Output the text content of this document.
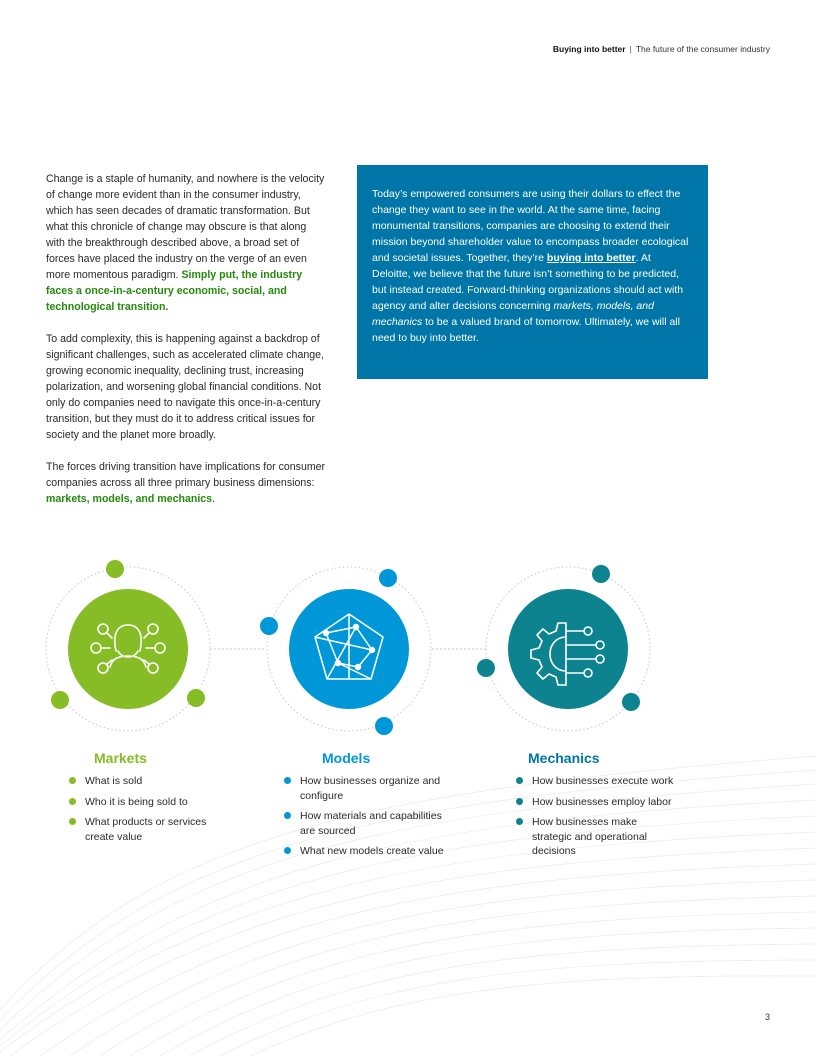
Buying into better | The future of the consumer industry

Change is a staple of humanity, and nowhere is the velocity of change more evident than in the consumer industry, which has seen decades of dramatic transformation. But what this chronicle of change may obscure is that along with the breakthrough described above, a broad set of forces have placed the industry on the verge of an even more momentous paradigm. Simply put, the industry faces a once-in-a-century economic, social, and technological transition.

To add complexity, this is happening against a backdrop of significant challenges, such as accelerated climate change, growing economic inequality, declining trust, increasing polarization, and worsening global financial conditions. Not only do companies need to navigate this once-in-a-century transition, but they must do it to address critical issues for society and the planet more broadly.

The forces driving transition have implications for consumer companies across all three primary business dimensions: markets, models, and mechanics.

Today’s empowered consumers are using their dollars to effect the change they want to see in the world. At the same time, facing monumental transitions, companies are choosing to extend their mission beyond shareholder value to encompass broader ecological and societal issues. Together, they’re buying into better. At Deloitte, we believe that the future isn’t something to be predicted, but instead created. Forward-thinking organizations should act with agency and alter decisions concerning markets, models, and mechanics to be a valued brand of tomorrow. Ultimately, we will all need to buy into better.
Markets
What is sold
Who it is being sold to
What products or services create value
Models
How businesses organize and configure
How materials and capabilities are sourced
What new models create value
Mechanics
How businesses execute work
How businesses employ labor
How businesses make strategic and operational decisions
3
